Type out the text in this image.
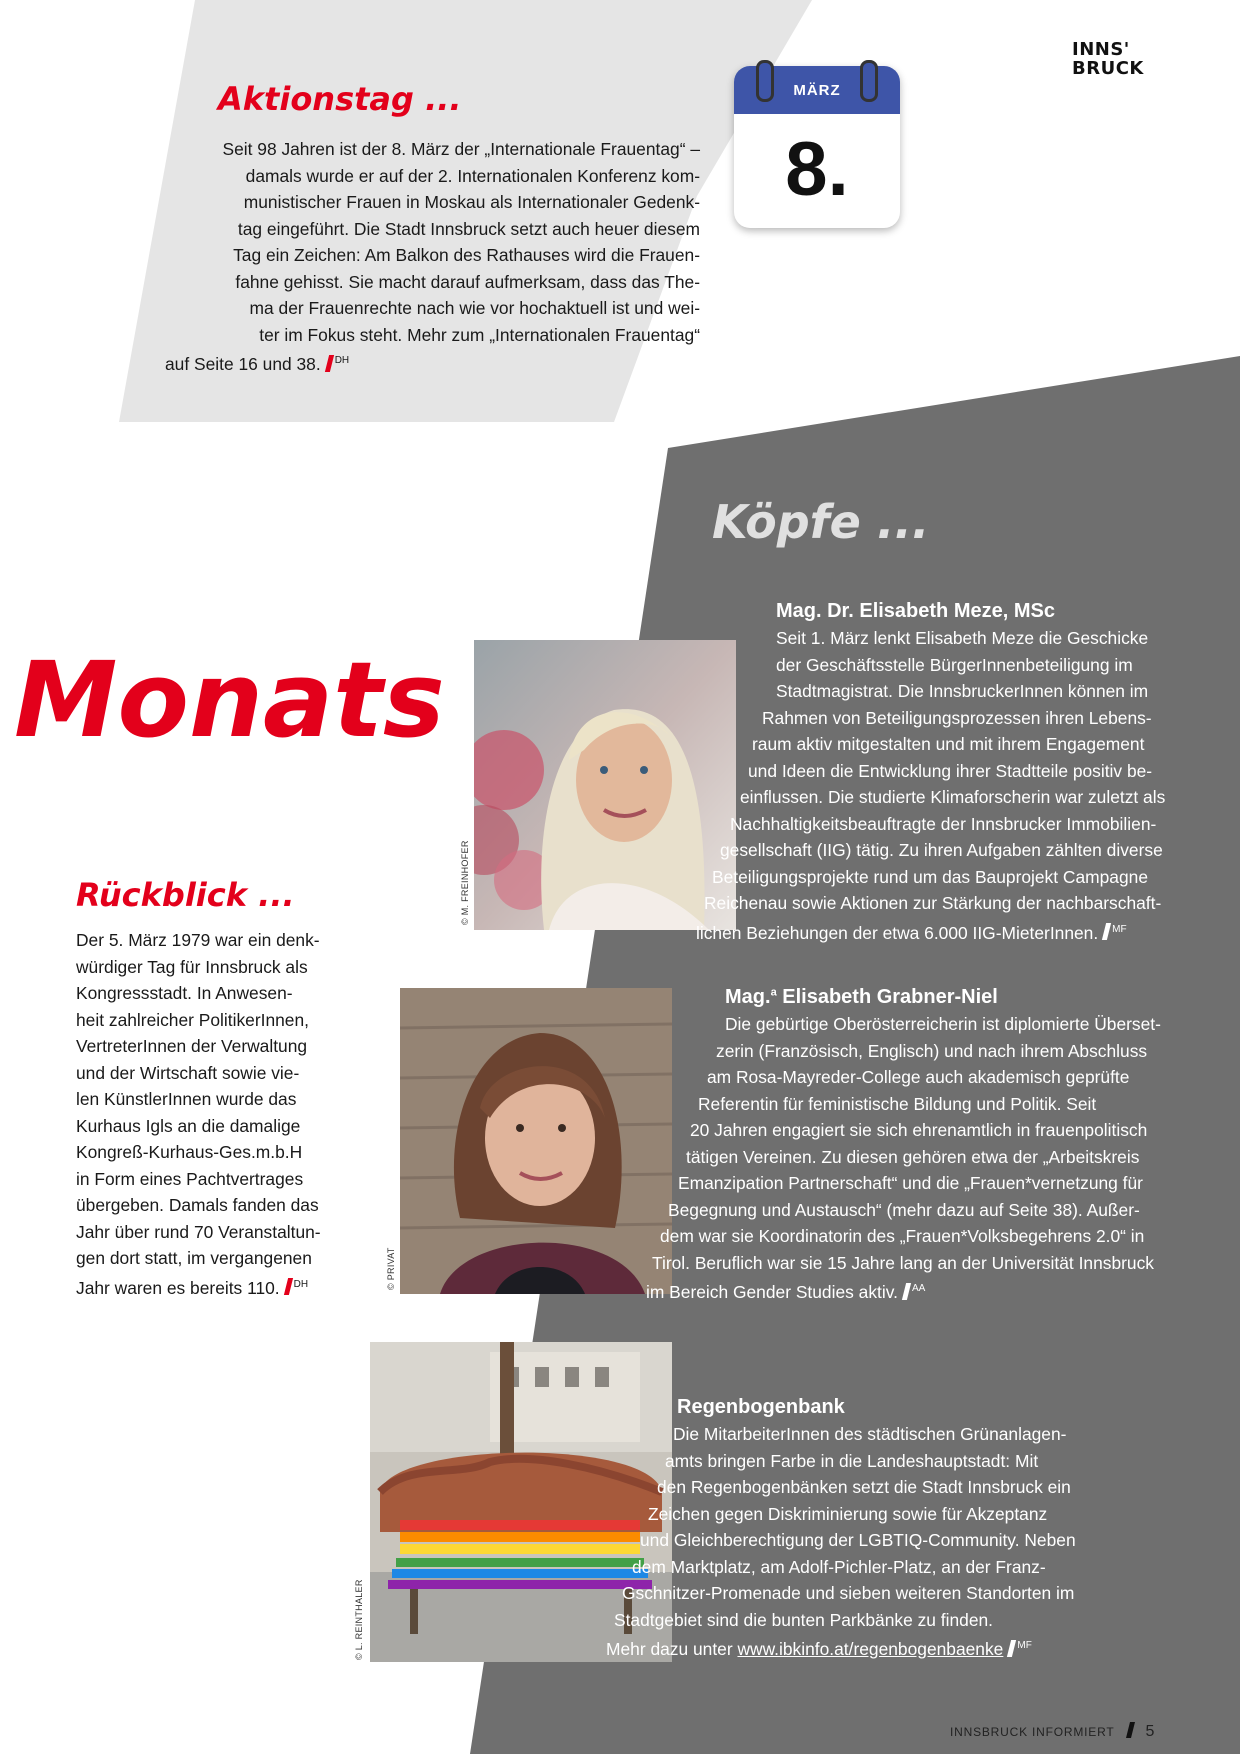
INNS'
BRUCK
MÄRZ
8.
Aktionstag ...
Seit 98 Jahren ist der 8. März der „Internationale Frauentag“ –
damals wurde er auf der 2. Internationalen Konferenz kom-
munistischer Frauen in Moskau als Internationaler Gedenk-
tag eingeführt. Die Stadt Innsbruck setzt auch heuer diesem
Tag ein Zeichen: Am Balkon des Rathauses wird die Frauen-
fahne gehisst. Sie macht darauf aufmerksam, dass das The-
ma der Frauenrechte nach wie vor hochaktuell ist und wei-
ter im Fokus steht. Mehr zum „Internationalen Frauentag“
auf Seite 16 und 38. $^{DH}$
Köpfe ...
Monats
Rückblick ...
Der 5. März 1979 war ein denk-
würdiger Tag für Innsbruck als
Kongressstadt. In Anwesen-
heit zahlreicher PolitikerInnen,
VertreterInnen der Verwaltung
und der Wirtschaft sowie vie-
len KünstlerInnen wurde das
Kurhaus Igls an die damalige
Kongreß-Kurhaus-Ges.m.b.H
in Form eines Pachtvertrages
übergeben. Damals fanden das
Jahr über rund 70 Veranstaltun-
gen dort statt, im vergangenen
Jahr waren es bereits 110. $^{DH}$
© M. FREINHOFER
Mag. Dr. Elisabeth Meze, MSc
Seit 1. März lenkt Elisabeth Meze die Geschicke
der Geschäftsstelle BürgerInnenbeteiligung im
Stadtmagistrat. Die InnsbruckerInnen können im
Rahmen von Beteiligungsprozessen ihren Lebens-
raum aktiv mitgestalten und mit ihrem Engagement
und Ideen die Entwicklung ihrer Stadtteile positiv be-
einflussen. Die studierte Klimaforscherin war zuletzt als
Nachhaltigkeitsbeauftragte der Innsbrucker Immobilien-
gesellschaft (IIG) tätig. Zu ihren Aufgaben zählten diverse
Beteiligungsprojekte rund um das Bauprojekt Campagne
Reichenau sowie Aktionen zur Stärkung der nachbarschaft-
lichen Beziehungen der etwa 6.000 IIG-MieterInnen. $^{MF}$
© PRIVAT
Mag.$^a$ Elisabeth Grabner-Niel
Die gebürtige Oberösterreicherin ist diplomierte Überset-
zerin (Französisch, Englisch) und nach ihrem Abschluss
am Rosa-Mayreder-College auch akademisch geprüfte
Referentin für feministische Bildung und Politik. Seit
20 Jahren engagiert sie sich ehrenamtlich in frauenpolitisch
tätigen Vereinen. Zu diesen gehören etwa der „Arbeitskreis
Emanzipation Partnerschaft“ und die „Frauen*vernetzung für
Begegnung und Austausch“ (mehr dazu auf Seite 38). Außer-
dem war sie Koordinatorin des „Frauen*Volksbegehrens 2.0“ in
Tirol. Beruflich war sie 15 Jahre lang an der Universität Innsbruck
im Bereich Gender Studies aktiv. $^{AA}$
© L. REINTHALER
Regenbogenbank
Die MitarbeiterInnen des städtischen Grünanlagen-
amts bringen Farbe in die Landeshauptstadt: Mit
den Regenbogenbänken setzt die Stadt Innsbruck ein
Zeichen gegen Diskriminierung sowie für Akzeptanz
und Gleichberechtigung der LGBTIQ-Community. Neben
dem Marktplatz, am Adolf-Pichler-Platz, an der Franz-
Gschnitzer-Promenade und sieben weiteren Standorten im
Stadtgebiet sind die bunten Parkbänke zu finden.
Mehr dazu unter www.ibkinfo.at/regenbogenbaenke $^{MF}$
INNSBRUCK INFORMIERT 5
